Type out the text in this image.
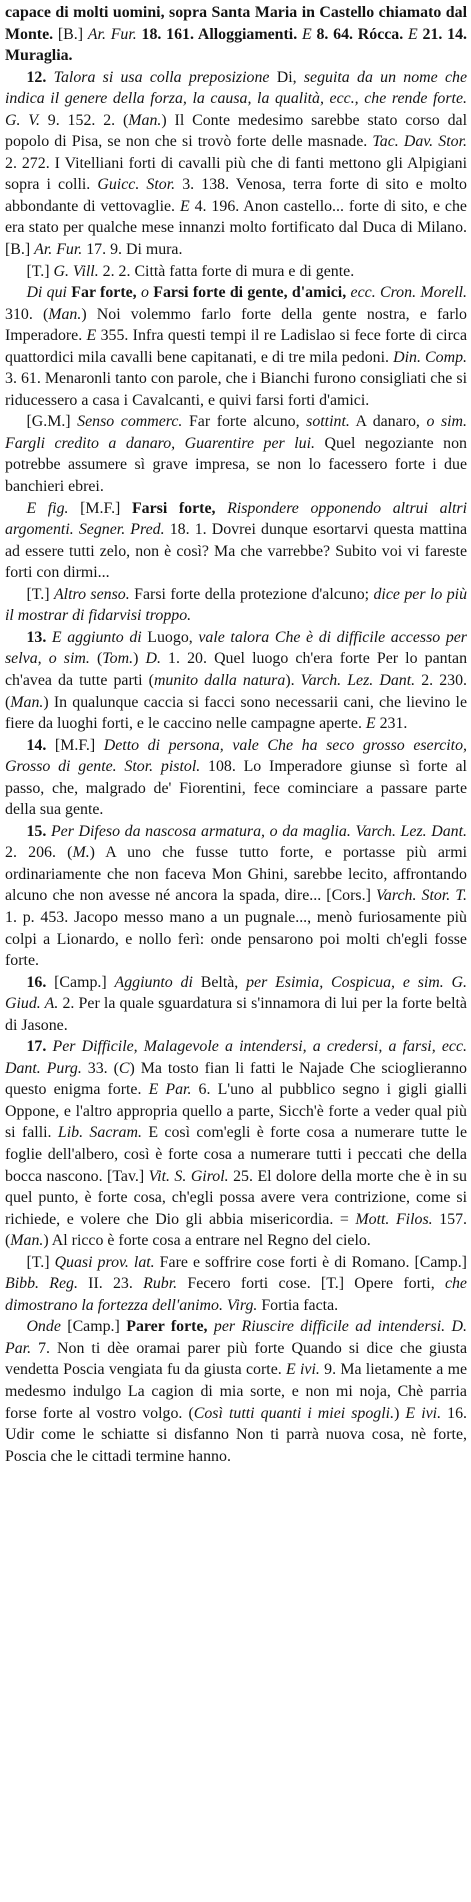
capace di molti uomini, sopra Santa Maria in Castello chiamato dal Monte. [B.] Ar. Fur. 18. 161. Alloggiamenti. E 8. 64. Rócca. E 21. 14. Muraglia.

12. Talora si usa colla preposizione Di, seguita da un nome che indica il genere della forza, la causa, la qualità, ecc., che rende forte. G. V. 9. 152. 2. (Man.) Il Conte medesimo sarebbe stato corso dal popolo di Pisa, se non che si trovò forte delle masnade. Tac. Dav. Stor. 2. 272. I Vitelliani forti di cavalli più che di fanti mettono gli Alpigiani sopra i colli. Guicc. Stor. 3. 138. Venosa, terra forte di sito e molto abbondante di vettovaglie. E 4. 196. Anon castello... forte di sito, e che era stato per qualche mese innanzi molto fortificato dal Duca di Milano. [B.] Ar. Fur. 17. 9. Di mura.

[T.] G. Vill. 2. 2. Città fatta forte di mura e di gente.

Di qui Far forte, o Farsi forte di gente, d'amici, ecc. Cron. Morell. 310. (Man.) Noi volemmo farlo forte della gente nostra, e farlo Imperadore. E 355. Infra questi tempi il re Ladislao si fece forte di circa quattordici mila cavalli bene capitanati, e di tre mila pedoni. Din. Comp. 3. 61. Menaronli tanto con parole, che i Bianchi furono consigliati che si riducessero a casa i Cavalcanti, e quivi farsi forti d'amici.

[G.M.] Senso commerc. Far forte alcuno, sottint. A danaro, o sim. Fargli credito a danaro, Guarentire per lui. Quel negoziante non potrebbe assumere sì grave impresa, se non lo facessero forte i due banchieri ebrei.

E fig. [M.F.] Farsi forte, Rispondere opponendo altrui altri argomenti. Segner. Pred. 18. 1. Dovrei dunque esortarvi questa mattina ad essere tutti zelo, non è così? Ma che varrebbe? Subito voi vi fareste forti con dirmi...

[T.] Altro senso. Farsi forte della protezione d'alcuno; dice per lo più il mostrar di fidarvisi troppo.

13. E aggiunto di Luogo, vale talora Che è di difficile accesso per selva, o sim. (Tom.) D. 1. 20. Quel luogo ch'era forte Per lo pantan ch'avea da tutte parti (munito dalla natura). Varch. Lez. Dant. 2. 230. (Man.) In qualunque caccia si facci sono necessarii cani, che lievino le fiere da luoghi forti, e le caccino nelle campagne aperte. E 231.

14. [M.F.] Detto di persona, vale Che ha seco grosso esercito, Grosso di gente. Stor. pistol. 108. Lo Imperadore giunse sì forte al passo, che, malgrado de' Fiorentini, fece cominciare a passare parte della sua gente.

15. Per Difeso da nascosa armatura, o da maglia. Varch. Lez. Dant. 2. 206. (M.) A uno che fusse tutto forte, e portasse più armi ordinariamente che non faceva Mon Ghini, sarebbe lecito, affrontando alcuno che non avesse né ancora la spada, dire... [Cors.] Varch. Stor. T. 1. p. 453. Jacopo messo mano a un pugnale..., menò furiosamente più colpi a Lionardo, e nollo ferì: onde pensarono poi molti ch'egli fosse forte.

16. [Camp.] Aggiunto di Beltà, per Esimia, Cospicua, e sim. G. Giud. A. 2. Per la quale sguardatura si s'innamora di lui per la forte beltà di Jasone.

17. Per Difficile, Malagevole a intendersi, a credersi, a farsi, ecc. Dant. Purg. 33. (C) Ma tosto fian li fatti le Najade Che scioglieranno questo enigma forte. E Par. 6. L'uno al pubblico segno i gigli gialli Oppone, e l'altro appropria quello a parte, Sicch'è forte a veder qual più si falli. Lib. Sacram. E così com'egli è forte cosa a numerare tutte le foglie dell'albero, così è forte cosa a numerare tutti i peccati che della bocca nascono. [Tav.] Vit. S. Girol. 25. El dolore della morte che è in su quel punto, è forte cosa, ch'egli possa avere vera contrizione, come si richiede, e volere che Dio gli abbia misericordia. = Mott. Filos. 157. (Man.) Al ricco è forte cosa a entrare nel Regno del cielo.

[T.] Quasi prov. lat. Fare e soffrire cose forti è di Romano. [Camp.] Bibb. Reg. II. 23. Rubr. Fecero forti cose. [T.] Opere forti, che dimostrano la fortezza dell'animo. Virg. Fortia facta.

Onde [Camp.] Parer forte, per Riuscire difficile ad intendersi. D. Par. 7. Non ti dèe oramai parer più forte Quando si dice che giusta vendetta Poscia vengiata fu da giusta corte. E ivi. 9. Ma lietamente a me medesmo indulgo La cagion di mia sorte, e non mi noja, Chè parria forse forte al vostro volgo. (Così tutti quanti i miei spogli.) E ivi. 16. Udir come le schiatte si disfanno Non ti parrà nuova cosa, nè forte, Poscia che le cittadi termine hanno.
